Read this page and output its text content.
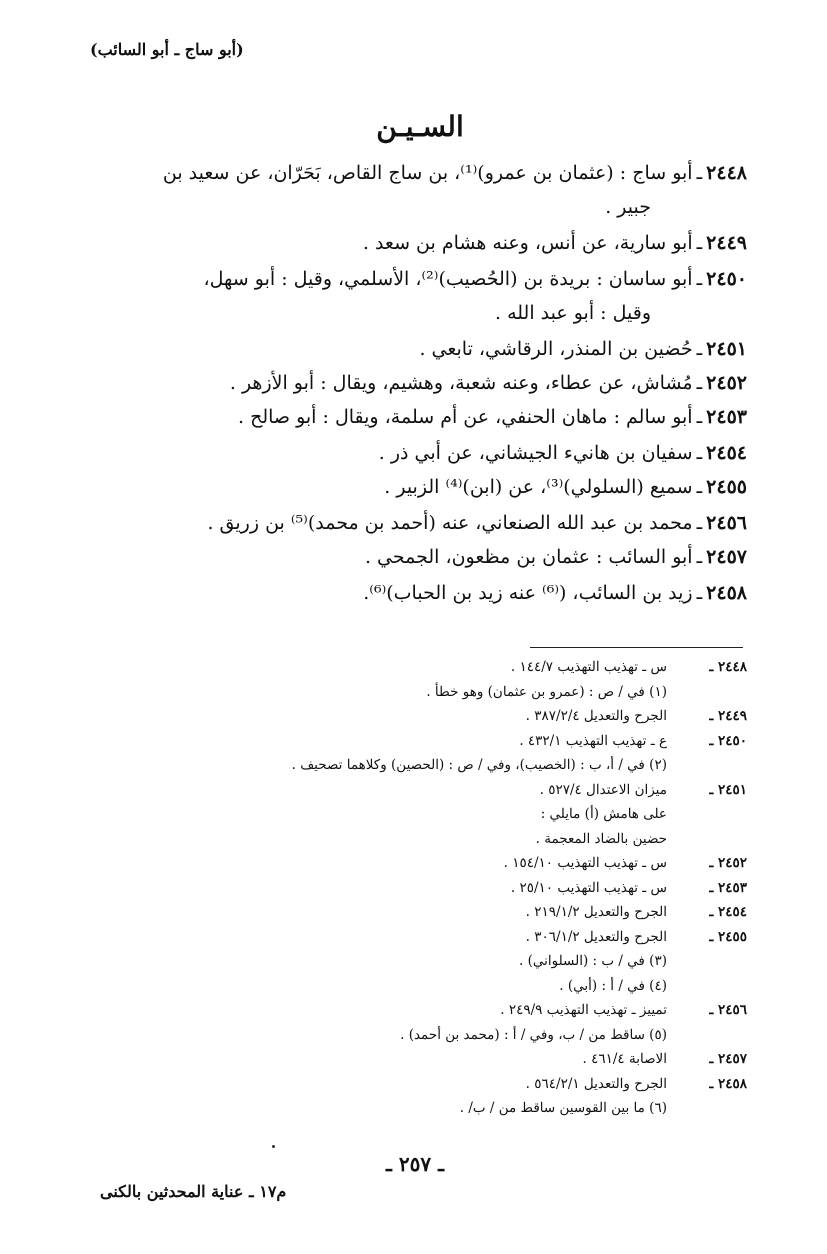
(أبو ساج ـ أبو السائب)
السـيـن
٢٤٤٨ـأبو ساج : (عثمان بن عمرو)⁽¹⁾، بن ساج القاص، بَحَرّان، عن سعيد بن
جبير .
٢٤٤٩ـأبو سارية، عن أنس، وعنه هشام بن سعد .
٢٤٥٠ـأبو ساسان : بريدة بن (الحُصيب)⁽²⁾، الأسلمي، وقيل : أبو سهل،
وقيل : أبو عبد الله .
٢٤٥١ـحُضين بن المنذر، الرقاشي، تابعي .
٢٤٥٢ـمُشاش، عن عطاء، وعنه شعبة، وهشيم، ويقال : أبو الأزهر .
٢٤٥٣ـأبو سالم : ماهان الحنفي، عن أم سلمة، ويقال : أبو صالح .
٢٤٥٤ـسفيان بن هانيء الجيشاني، عن أبي ذر .
٢٤٥٥ـسميع (السلولي)⁽³⁾، عن (ابن)⁽⁴⁾ الزبير .
٢٤٥٦ـمحمد بن عبد الله الصنعاني، عنه (أحمد بن محمد)⁽⁵⁾ بن زريق .
٢٤٥٧ـأبو السائب : عثمان بن مظعون، الجمحي .
٢٤٥٨ـزيد بن السائب، (⁽⁶⁾ عنه زيد بن الحباب)⁽⁶⁾.
٢٤٤٨ ـس ـ تهذيب التهذيب ١٤٤/٧ .
(١) في / ص : (عمرو بن عثمان) وهو خطأ .
٢٤٤٩ ـالجرح والتعديل ٣٨٧/٢/٤ .
٢٤٥٠ ـع ـ تهذيب التهذيب ٤٣٢/١ .
(٢) في / أ، ب : (الخصيب)، وفي / ص : (الحصين) وكلاهما تصحيف .
٢٤٥١ ـميزان الاعتدال ٥٢٧/٤ .
على هامش (أ) مايلي :
حضين بالضاد المعجمة .
٢٤٥٢ ـس ـ تهذيب التهذيب ١٥٤/١٠ .
٢٤٥٣ ـس ـ تهذيب التهذيب ٢٥/١٠ .
٢٤٥٤ ـالجرح والتعديل ٢١٩/١/٢ .
٢٤٥٥ ـالجرح والتعديل ٣٠٦/١/٢ .
(٣) في / ب : (السلواني) .
(٤) في / أ : (أبي) .
٢٤٥٦ ـتمييز ـ تهذيب التهذيب ٢٤٩/٩ .
(٥) ساقط من / ب، وفي / أ : (محمد بن أحمد) .
٢٤٥٧ ـالاصابة ٤٦١/٤ .
٢٤٥٨ ـالجرح والتعديل ٥٦٤/٢/١ .
(٦) ما بين القوسين ساقط من / ب/ .
ـ ٢٥٧ ـ
م١٧ ـ عناية المحدثين بالكنى
